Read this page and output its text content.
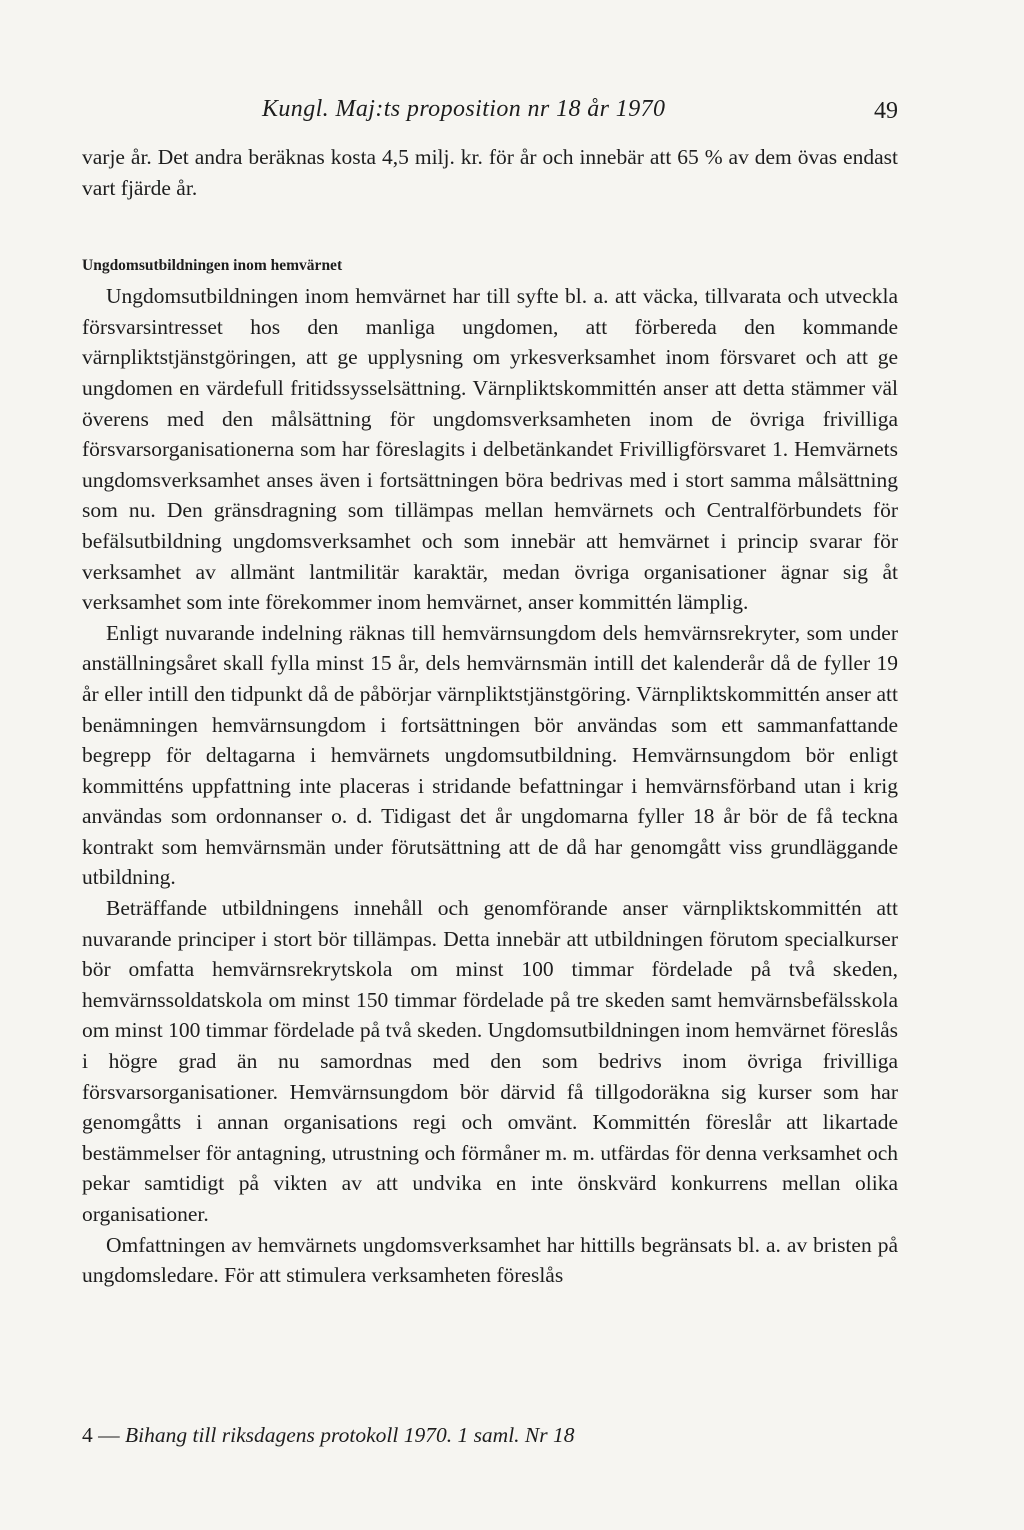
Kungl. Maj:ts proposition nr 18 år 1970	49

varje år. Det andra beräknas kosta 4,5 milj. kr. för år och innebär att 65 % av dem övas endast vart fjärde år.

Ungdomsutbildningen inom hemvärnet

Ungdomsutbildningen inom hemvärnet har till syfte bl. a. att väcka, tillvarata och utveckla försvarsintresset hos den manliga ungdomen, att förbereda den kommande värnpliktstjänstgöringen, att ge upplysning om yrkesverksamhet inom försvaret och att ge ungdomen en värdefull fritidssysselsättning. Värnpliktskommittén anser att detta stämmer väl överens med den målsättning för ungdomsverksamheten inom de övriga frivilliga försvarsorganisationerna som har föreslagits i delbetänkandet Frivilligförsvaret 1. Hemvärnets ungdomsverksamhet anses även i fortsättningen böra bedrivas med i stort samma målsättning som nu. Den gränsdragning som tillämpas mellan hemvärnets och Centralförbundets för befälsutbildning ungdomsverksamhet och som innebär att hemvärnet i princip svarar för verksamhet av allmänt lantmilitär karaktär, medan övriga organisationer ägnar sig åt verksamhet som inte förekommer inom hemvärnet, anser kommittén lämplig.

Enligt nuvarande indelning räknas till hemvärnsungdom dels hemvärnsrekryter, som under anställningsåret skall fylla minst 15 år, dels hemvärnsmän intill det kalenderår då de fyller 19 år eller intill den tidpunkt då de påbörjar värnpliktstjänstgöring. Värnpliktskommittén anser att benämningen hemvärnsungdom i fortsättningen bör användas som ett sammanfattande begrepp för deltagarna i hemvärnets ungdomsutbildning. Hemvärnsungdom bör enligt kommitténs uppfattning inte placeras i stridande befattningar i hemvärnsförband utan i krig användas som ordonnanser o. d. Tidigast det år ungdomarna fyller 18 år bör de få teckna kontrakt som hemvärnsmän under förutsättning att de då har genomgått viss grundläggande utbildning.

Beträffande utbildningens innehåll och genomförande anser värnpliktskommittén att nuvarande principer i stort bör tillämpas. Detta innebär att utbildningen förutom specialkurser bör omfatta hemvärnsrekrytskola om minst 100 timmar fördelade på två skeden, hemvärnssoldatskola om minst 150 timmar fördelade på tre skeden samt hemvärnsbefälsskola om minst 100 timmar fördelade på två skeden. Ungdomsutbildningen inom hemvärnet föreslås i högre grad än nu samordnas med den som bedrivs inom övriga frivilliga försvarsorganisationer. Hemvärnsungdom bör därvid få tillgodoräkna sig kurser som har genomgåtts i annan organisations regi och omvänt. Kommittén föreslår att likartade bestämmelser för antagning, utrustning och förmåner m. m. utfärdas för denna verksamhet och pekar samtidigt på vikten av att undvika en inte önskvärd konkurrens mellan olika organisationer.

Omfattningen av hemvärnets ungdomsverksamhet har hittills begränsats bl. a. av bristen på ungdomsledare. För att stimulera verksamheten föreslås

4 — Bihang till riksdagens protokoll 1970. 1 saml. Nr 18
